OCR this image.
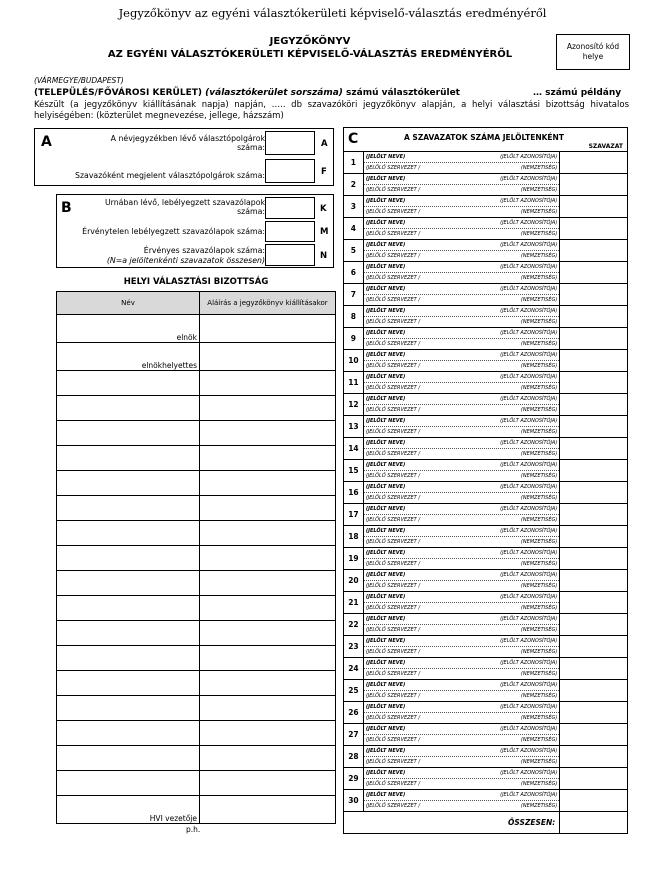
Jegyzőkönyv az egyéni választókerületi képviselő-választás eredményéről
JEGYZŐKÖNYV
AZ EGYÉNI VÁLASZTÓKERÜLETI KÉPVISELŐ-VÁLASZTÁS EREDMÉNYÉRŐL
Azonosító kód helye
(VÁRMEGYE/BUDAPEST)
(TELEPÜLÉS/FŐVÁROSI KERÜLET) (választókerület sorszáma) számú választókerület	… számú példány
Készült (a jegyzőkönyv kiállításának napja) napján, ….. db szavazóköri jegyzőkönyv alapján, a helyi választási bizottság hivatalos helyiségében: (közterület megnevezése, jellege, házszám)
A	A névjegyzékben lévő választópolgárok száma:	A
Szavazóként megjelent választópolgárok száma:	F
B	Urnában lévő, lebélyegzett szavazólapok száma:	K
Érvénytelen lebélyegzett szavazólapok száma:	M
Érvényes szavazólapok száma:
(N=a jelöltenkénti szavazatok összesen)	N
HELYI VÁLASZTÁSI BIZOTTSÁG
Név	Aláírás a jegyzőkönyv kiállításakor
elnök	
elnökhelyettes	

HVI vezetője	
p.h.
C A SZAVAZATOK SZÁMA JELÖLTENKÉNT
SZAVAZAT		

1	(JELÖLT NEVE) (JELÖLT AZONOSÍTÓJA)
(JELÖLŐ SZERVEZET / (NEMZETISÉG)	

2	(JELÖLT NEVE) (JELÖLT AZONOSÍTÓJA)
(JELÖLŐ SZERVEZET / (NEMZETISÉG)	

3	(JELÖLT NEVE) (JELÖLT AZONOSÍTÓJA)
(JELÖLŐ SZERVEZET / (NEMZETISÉG)	

4	(JELÖLT NEVE) (JELÖLT AZONOSÍTÓJA)
(JELÖLŐ SZERVEZET / (NEMZETISÉG)	

5	(JELÖLT NEVE) (JELÖLT AZONOSÍTÓJA)
(JELÖLŐ SZERVEZET / (NEMZETISÉG)	

6	(JELÖLT NEVE) (JELÖLT AZONOSÍTÓJA)
(JELÖLŐ SZERVEZET / (NEMZETISÉG)	

7	(JELÖLT NEVE) (JELÖLT AZONOSÍTÓJA)
(JELÖLŐ SZERVEZET / (NEMZETISÉG)	

8	(JELÖLT NEVE) (JELÖLT AZONOSÍTÓJA)
(JELÖLŐ SZERVEZET / (NEMZETISÉG)	

9	(JELÖLT NEVE) (JELÖLT AZONOSÍTÓJA)
(JELÖLŐ SZERVEZET / (NEMZETISÉG)	

10	(JELÖLT NEVE) (JELÖLT AZONOSÍTÓJA)
(JELÖLŐ SZERVEZET / (NEMZETISÉG)	

11	(JELÖLT NEVE) (JELÖLT AZONOSÍTÓJA)
(JELÖLŐ SZERVEZET / (NEMZETISÉG)	

12	(JELÖLT NEVE) (JELÖLT AZONOSÍTÓJA)
(JELÖLŐ SZERVEZET / (NEMZETISÉG)	

13	(JELÖLT NEVE) (JELÖLT AZONOSÍTÓJA)
(JELÖLŐ SZERVEZET / (NEMZETISÉG)	

14	(JELÖLT NEVE) (JELÖLT AZONOSÍTÓJA)
(JELÖLŐ SZERVEZET / (NEMZETISÉG)	

15	(JELÖLT NEVE) (JELÖLT AZONOSÍTÓJA)
(JELÖLŐ SZERVEZET / (NEMZETISÉG)	

16	(JELÖLT NEVE) (JELÖLT AZONOSÍTÓJA)
(JELÖLŐ SZERVEZET / (NEMZETISÉG)	

17	(JELÖLT NEVE) (JELÖLT AZONOSÍTÓJA)
(JELÖLŐ SZERVEZET / (NEMZETISÉG)	

18	(JELÖLT NEVE) (JELÖLT AZONOSÍTÓJA)
(JELÖLŐ SZERVEZET / (NEMZETISÉG)	

19	(JELÖLT NEVE) (JELÖLT AZONOSÍTÓJA)
(JELÖLŐ SZERVEZET / (NEMZETISÉG)	

20	(JELÖLT NEVE) (JELÖLT AZONOSÍTÓJA)
(JELÖLŐ SZERVEZET / (NEMZETISÉG)	

21	(JELÖLT NEVE) (JELÖLT AZONOSÍTÓJA)
(JELÖLŐ SZERVEZET / (NEMZETISÉG)	

22	(JELÖLT NEVE) (JELÖLT AZONOSÍTÓJA)
(JELÖLŐ SZERVEZET / (NEMZETISÉG)	

23	(JELÖLT NEVE) (JELÖLT AZONOSÍTÓJA)
(JELÖLŐ SZERVEZET / (NEMZETISÉG)	

24	(JELÖLT NEVE) (JELÖLT AZONOSÍTÓJA)
(JELÖLŐ SZERVEZET / (NEMZETISÉG)	

25	(JELÖLT NEVE) (JELÖLT AZONOSÍTÓJA)
(JELÖLŐ SZERVEZET / (NEMZETISÉG)	

26	(JELÖLT NEVE) (JELÖLT AZONOSÍTÓJA)
(JELÖLŐ SZERVEZET / (NEMZETISÉG)	

27	(JELÖLT NEVE) (JELÖLT AZONOSÍTÓJA)
(JELÖLŐ SZERVEZET / (NEMZETISÉG)	

28	(JELÖLT NEVE) (JELÖLT AZONOSÍTÓJA)
(JELÖLŐ SZERVEZET / (NEMZETISÉG)	

29	(JELÖLT NEVE) (JELÖLT AZONOSÍTÓJA)
(JELÖLŐ SZERVEZET / (NEMZETISÉG)	

30	(JELÖLT NEVE) (JELÖLT AZONOSÍTÓJA)
(JELÖLŐ SZERVEZET / (NEMZETISÉG)	

ÖSSZESEN:		
